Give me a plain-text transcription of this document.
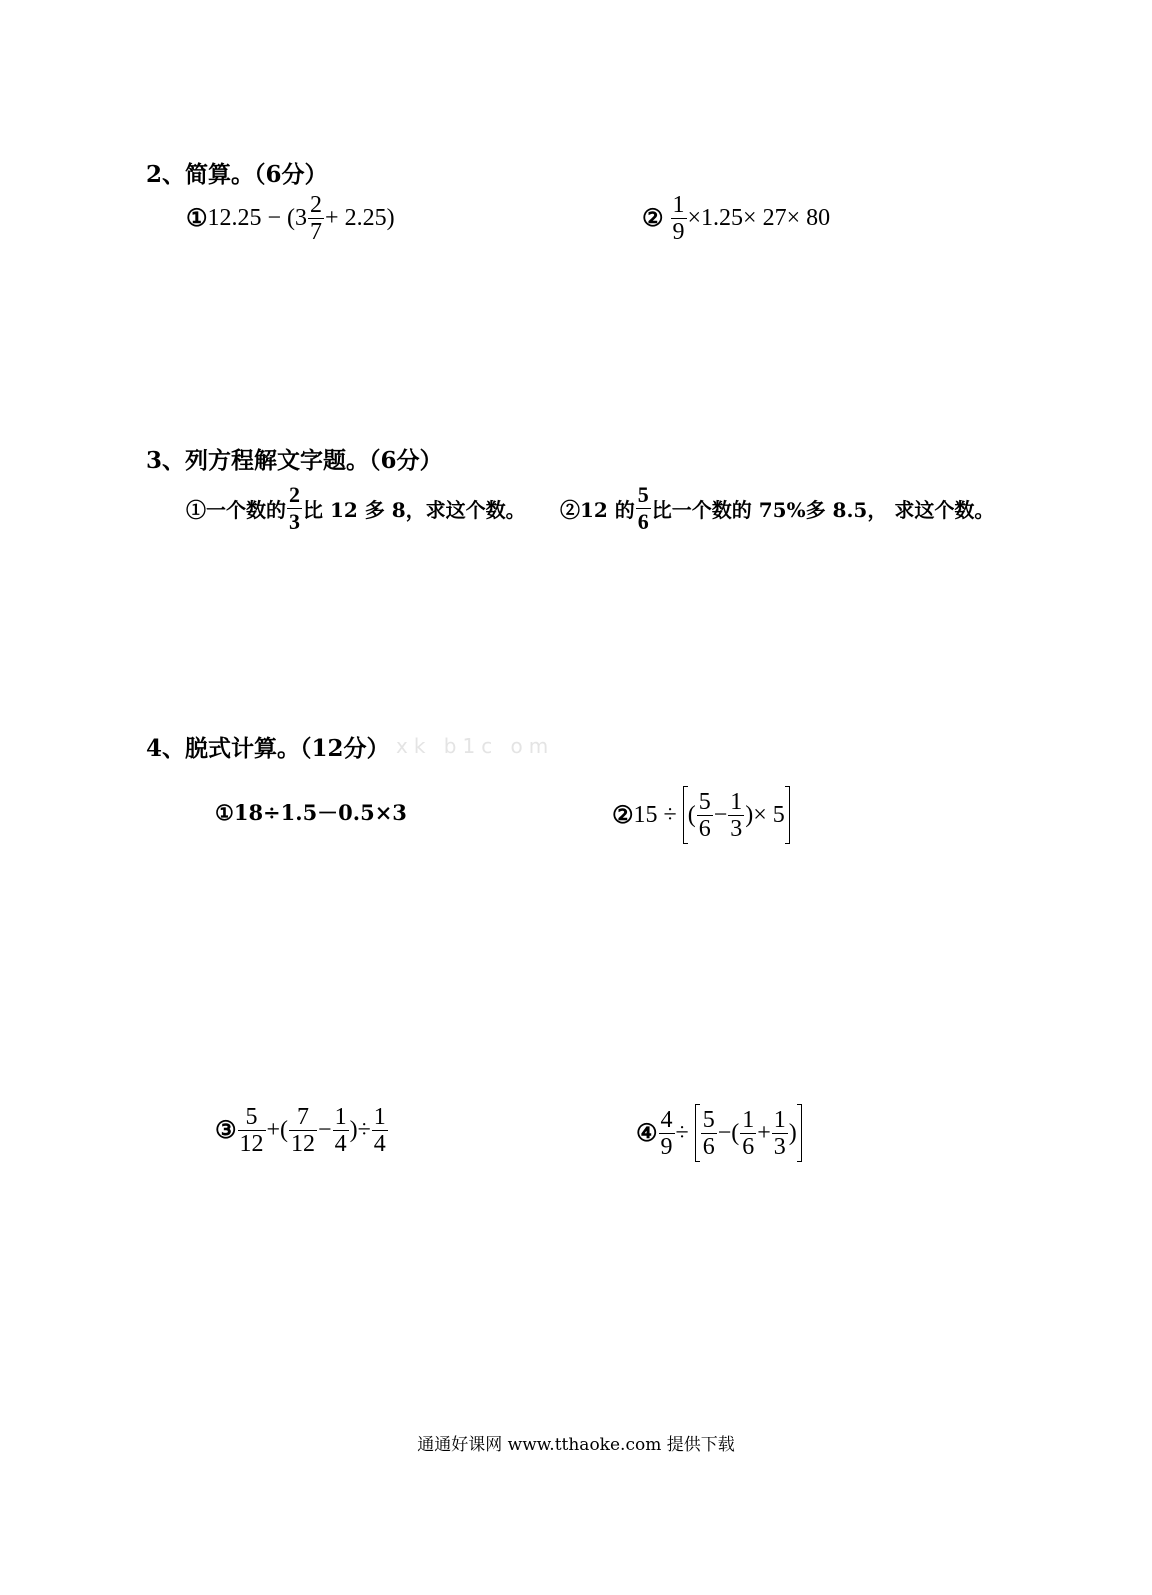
2、简算。（6分）
①12.25 − $(3 \frac{2}{7} + 2.25)$	② $\frac{1}{9} \times 1.25\times 27\times 80$
3、列方程解文字题。（6分）
①一个数的 $\frac{2}{3}$ 比 12 多 8，求这个数。 ②12 的 $\frac{5}{6}$ 比一个数的 75%多 8.5， 求这个数。
4、脱式计算。（12分） xk b1c om
①18÷1.5－0.5×3	②15 ÷ ( $\frac{5}{6} - \frac{1}{3}$ )× 5
③ $\frac{5}{12}$ +( $\frac{7}{12} - \frac{1}{4}$ )÷ $\frac{1}{4}$	④ $\frac{4}{9} \div \frac{5}{6}$ −( $\frac{1}{6} + \frac{1}{3}$ )
通通好课网 www.tthaoke.com 提供下载
